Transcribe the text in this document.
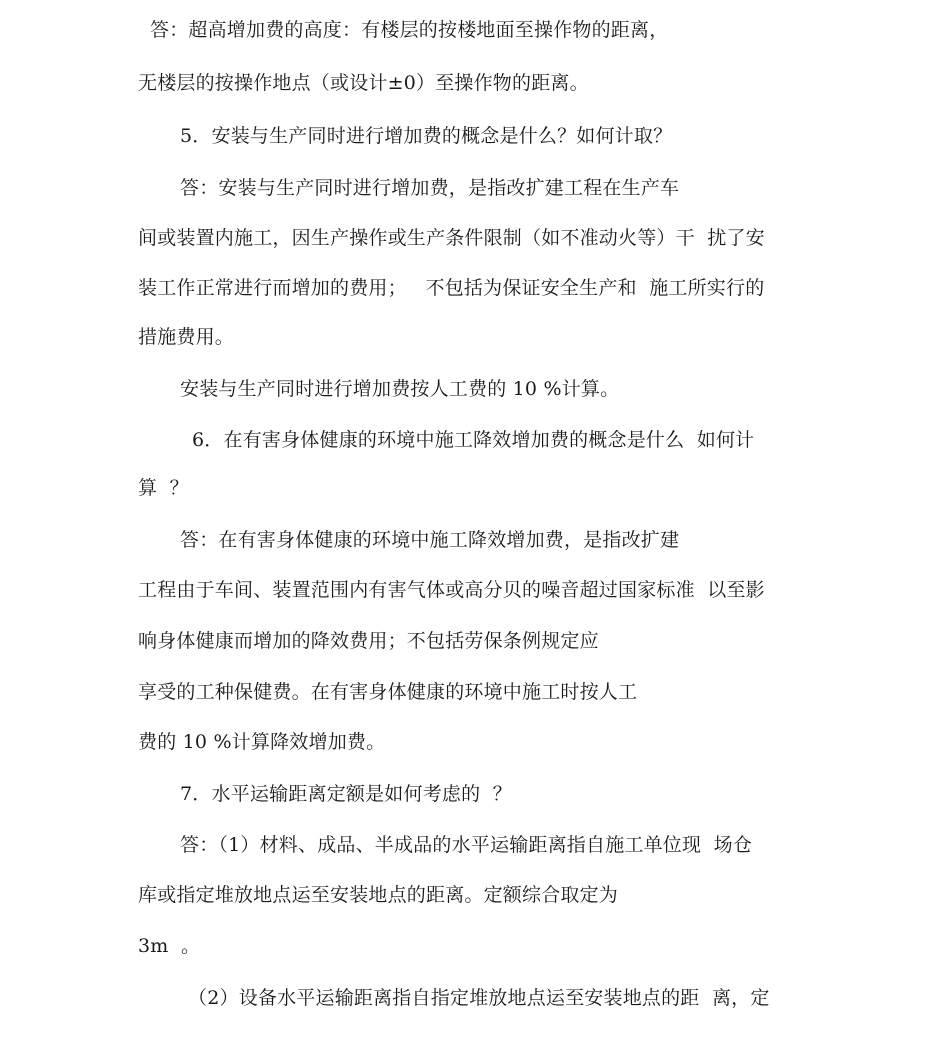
答：超高增加费的高度：有楼层的按楼地面至操作物的距离，
无楼层的按操作地点（或设计±0）至操作物的距离。
5．安装与生产同时进行增加费的概念是什么？如何计取？
答：安装与生产同时进行增加费，是指改扩建工程在生产车
间或装置内施工，因生产操作或生产条件限制（如不准动火等）干  扰了安
装工作正常进行而增加的费用；   不包括为保证安全生产和  施工所实行的
措施费用。
安装与生产同时进行增加费按人工费的 10 %计算。
6．在有害身体健康的环境中施工降效增加费的概念是什么  如何计
算  ？
答：在有害身体健康的环境中施工降效增加费，是指改扩建
工程由于车间、装置范围内有害气体或高分贝的噪音超过国家标准  以至影
响身体健康而增加的降效费用；不包括劳保条例规定应
享受的工种保健费。在有害身体健康的环境中施工时按人工
费的 10 %计算降效增加费。
7．水平运输距离定额是如何考虑的  ？
答：（1）材料、成品、半成品的水平运输距离指自施工单位现  场仓
库或指定堆放地点运至安装地点的距离。定额综合取定为
3m  。
（2）设备水平运输距离指自指定堆放地点运至安装地点的距  离，定
